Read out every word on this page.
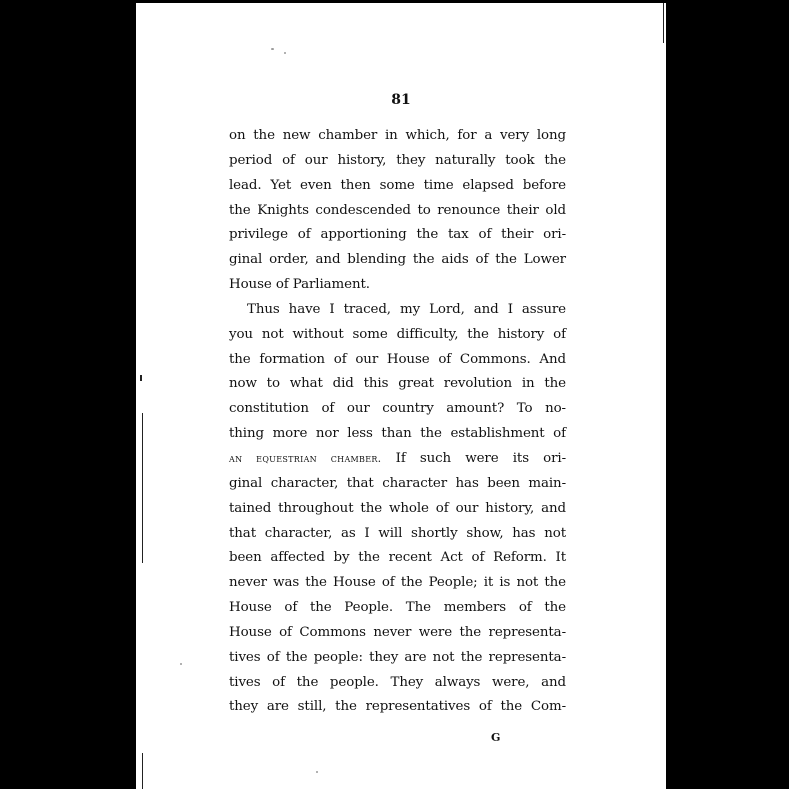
81
on the new chamber in which, for a very long
period of our history, they naturally took the
lead. Yet even then some time elapsed before
the Knights condescended to renounce their old
privilege of apportioning the tax of their ori-
ginal order, and blending the aids of the Lower
House of Parliament.
Thus have I traced, my Lord, and I assure
you not without some difficulty, the history of
the formation of our House of Commons. And
now to what did this great revolution in the
constitution of our country amount? To no-
thing more nor less than the establishment of
an equestrian chamber. If such were its ori-
ginal character, that character has been main-
tained throughout the whole of our history, and
that character, as I will shortly show, has not
been affected by the recent Act of Reform. It
never was the House of the People; it is not the
House of the People. The members of the
House of Commons never were the representa-
tives of the people: they are not the representa-
tives of the people. They always were, and
they are still, the representatives of the Com-
G
